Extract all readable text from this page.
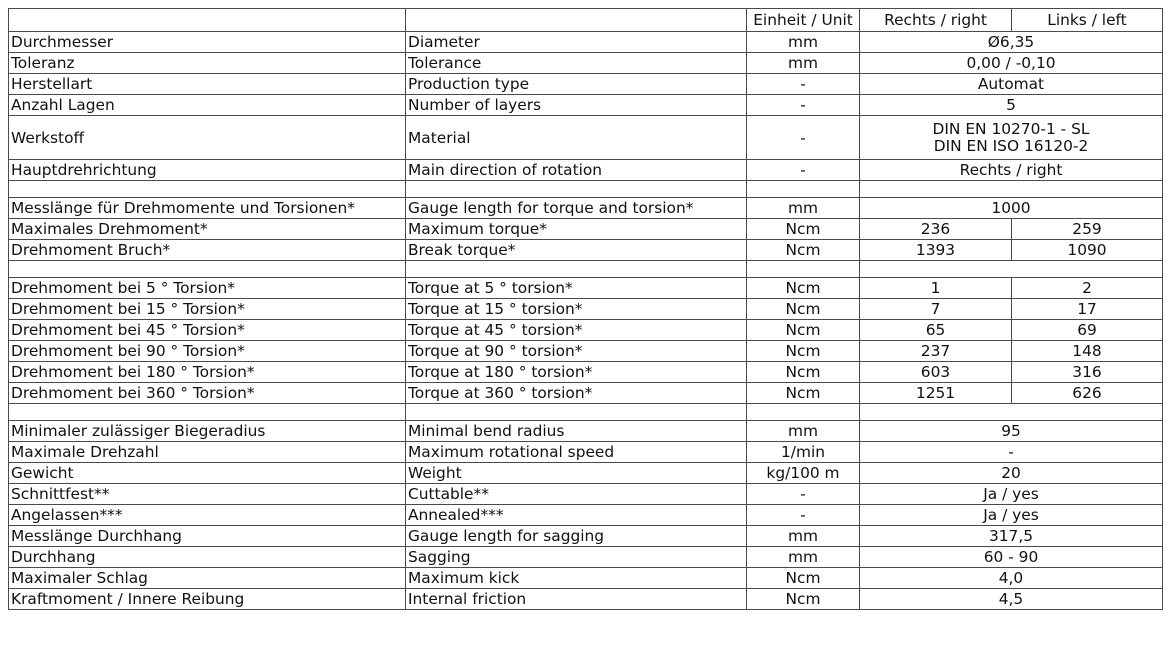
		Einheit / Unit	Rechts / right	Links / left
Durchmesser	Diameter	mm	Ø6,35	
Toleranz	Tolerance	mm	0,00 / -0,10	
Herstellart	Production type	-	Automat	
Anzahl Lagen	Number of layers	-	5	
Werkstoff	Material	-	DIN EN 10270-1 - SL
DIN EN ISO 16120-2	

Hauptdrehrichtung	Main direction of rotation	-	Rechts / right	

Messlänge für Drehmomente und Torsionen*	Gauge length for torque and torsion*	mm	1000	
Maximales Drehmoment*	Maximum torque*	Ncm	236	259
Drehmoment Bruch*	Break torque*	Ncm	1393	1090

Drehmoment bei 5 ° Torsion*	Torque at 5 ° torsion*	Ncm	1	2
Drehmoment bei 15 ° Torsion*	Torque at 15 ° torsion*	Ncm	7	17
Drehmoment bei 45 ° Torsion*	Torque at 45 ° torsion*	Ncm	65	69
Drehmoment bei 90 ° Torsion*	Torque at 90 ° torsion*	Ncm	237	148
Drehmoment bei 180 ° Torsion*	Torque at 180 ° torsion*	Ncm	603	316
Drehmoment bei 360 ° Torsion*	Torque at 360 ° torsion*	Ncm	1251	626

Minimaler zulässiger Biegeradius	Minimal bend radius	mm	95	
Maximale Drehzahl	Maximum rotational speed	1/min	-	
Gewicht	Weight	kg/100 m	20	
Schnittfest**	Cuttable**	-	Ja / yes	
Angelassen***	Annealed***	-	Ja / yes	
Messlänge Durchhang	Gauge length for sagging	mm	317,5	
Durchhang	Sagging	mm	60 - 90	
Maximaler Schlag	Maximum kick	Ncm	4,0	
Kraftmoment / Innere Reibung	Internal friction	Ncm	4,5	
